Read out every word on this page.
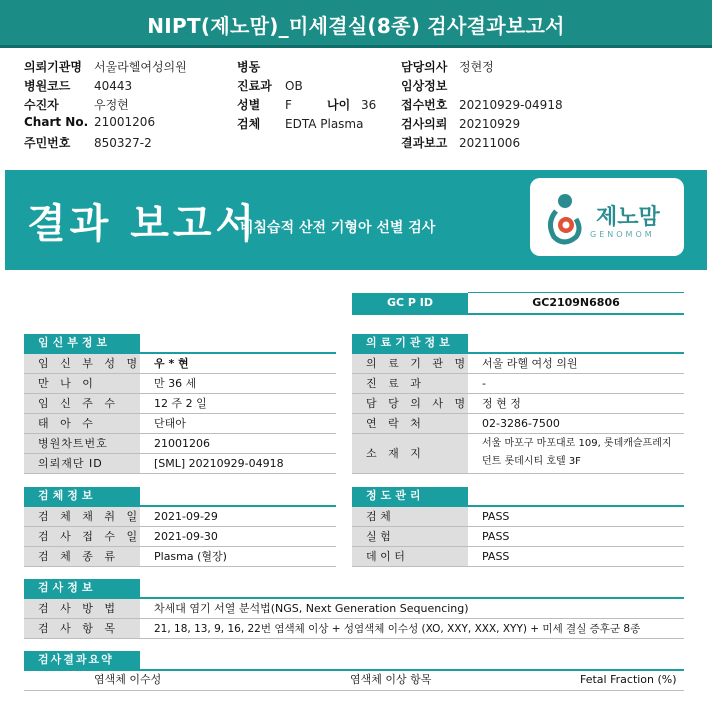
NIPT(제노맘)_미세결실(8종) 검사결과보고서
의뢰기관명 서울라헬여성의원
병원코드 40443
수진자	우정현
Chart No. 21001206
주민번호 850327-2
병동
진료과 OB
성별 F	나이 36
검체 EDTA Plasma
담당의사 정현정
임상정보
접수번호 20210929-04918
검사의뢰 20210929
결과보고 20211006
결과 보고서
비침습적 산전 기형아 선별 검사	제노맘
GENOMOM
GC P ID	GC2109N6806
임신부정보
임 신 부 성 명	우 * 현
만 나 이	만 36 세
임 신 주 수	12 주 2 일
태 아 수	단태아
병원차트번호	21001206
의뢰재단 ID	[SML] 20210929-04918
의료기관정보
의 료 기 관 명	서울 라헬 여성 의원
진 료 과	-
담 당 의 사 명	정 현 정
연 락 처	02-3286-7500
소 재 지
서울 마포구 마포대로 109, 롯데캐슬프레지
던트 롯데시티 호텔 3F
검체정보
검 체 채 취 일	2021-09-29
검 사 접 수 일	2021-09-30
검 체 종 류	Plasma (혈장)
정도관리
검 체	PASS
실 험	PASS
데 이 터	PASS
검사정보
검 사 방 법	차세대 염기 서열 분석법(NGS, Next Generation Sequencing)
검 사 항 목	21, 18, 13, 9, 16, 22번 염색체 이상 + 성염색체 이수성 (XO, XXY, XXX, XYY) + 미세 결실 증후군 8종
검사결과요약
염색체 이수성	염색체 이상 항목	Fetal Fraction (%)
